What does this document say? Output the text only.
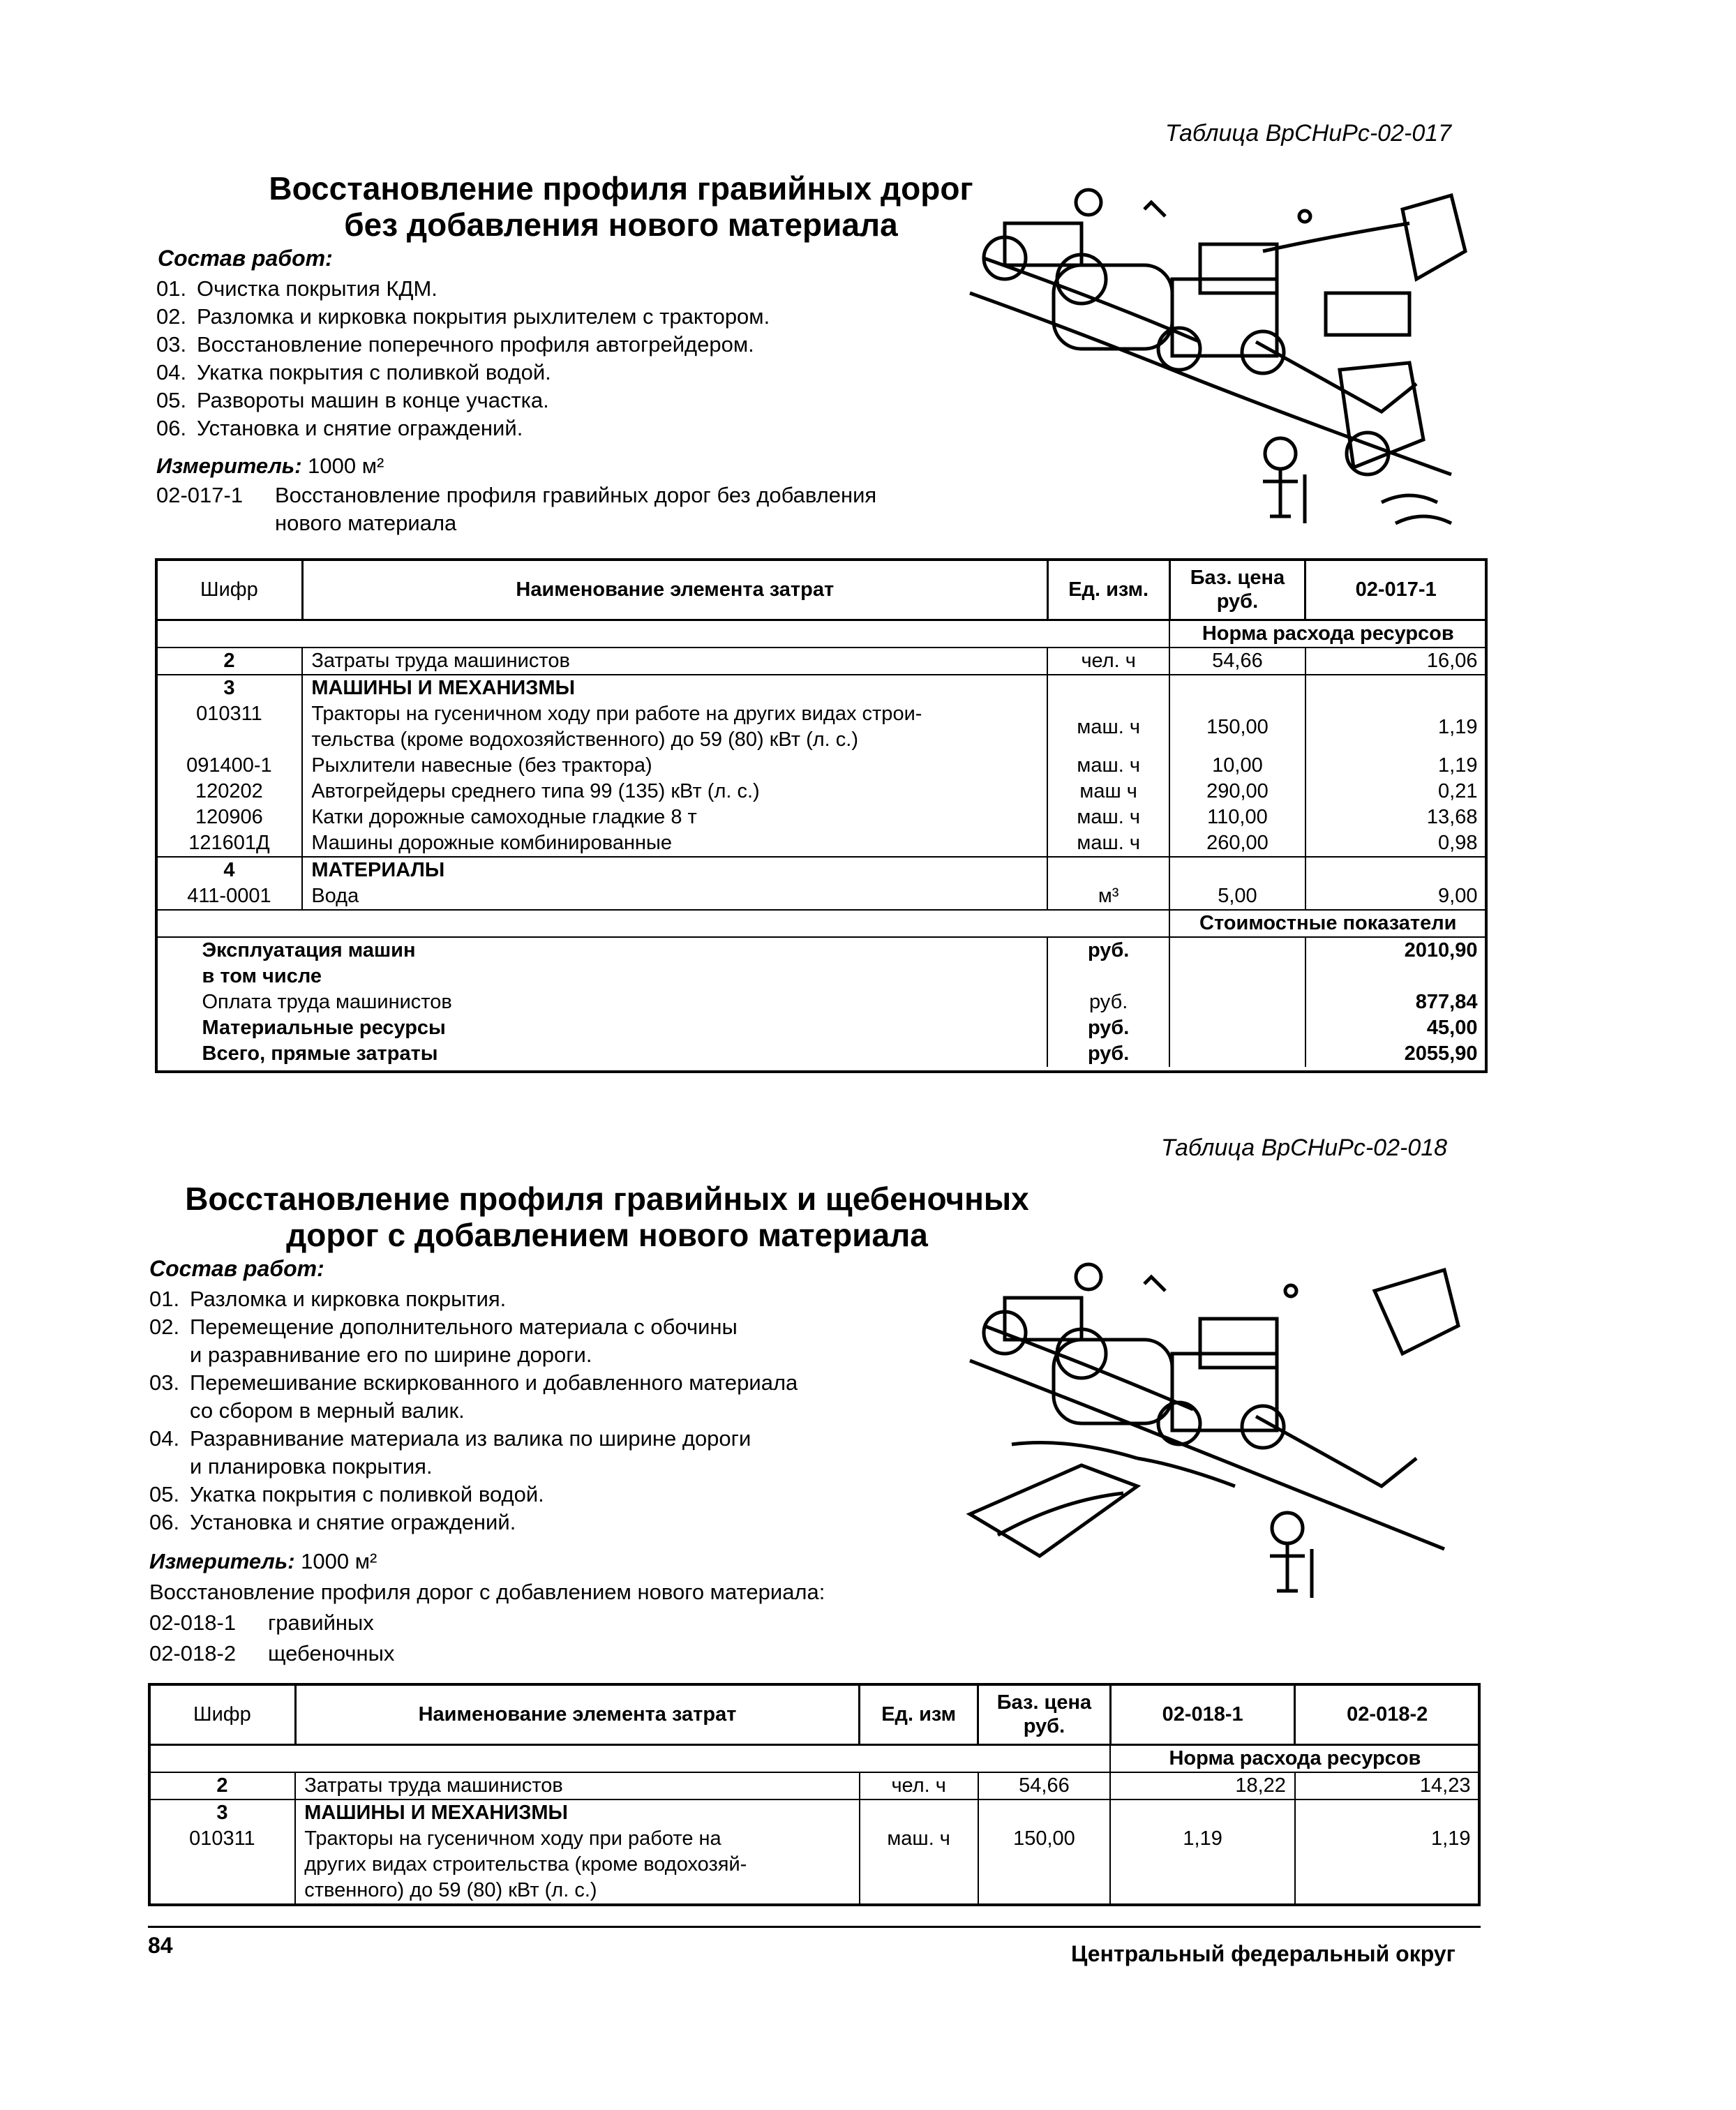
Таблица ВрСНиРс-02-017
Восстановление профиля гравийных дорог
без добавления нового материала
Состав работ:
01. Очистка покрытия КДМ.
02. Разломка и кирковка покрытия рыхлителем с трактором.
03. Восстановление поперечного профиля автогрейдером.
04. Укатка покрытия с поливкой водой.
05. Развороты машин в конце участка.
06. Установка и снятие ограждений.
Измеритель: 1000 м²
02-017-1 Восстановление профиля гравийных дорог без добавления
нового материала
Шифр	Наименование элемента затрат	Ед. изм.	Баз. цена руб.	02-017-1
			Норма расхода ресурсов	
2	Затраты труда машинистов	чел. ч	54,66	16,06
3	МАШИНЫ И МЕХАНИЗМЫ			
010311	Тракторы на гусеничном ходу при работе на других видах строи-
тельства (кроме водохозяйственного) до 59 (80) кВт (л. с.)	маш. ч	150,00	1,19
091400-1	Рыхлители навесные (без трактора)	маш. ч	10,00	1,19
120202	Автогрейдеры среднего типа 99 (135) кВт (л. с.)	маш ч	290,00	0,21
120906	Катки дорожные самоходные гладкие 8 т	маш. ч	110,00	13,68
121601Д	Машины дорожные комбинированные	маш. ч	260,00	0,98
4	МАТЕРИАЛЫ			
411-0001	Вода	м³	5,00	9,00
			Стоимостные показатели	
Эксплуатация машин		руб.		2010,90
в том числе				
Оплата труда машинистов		руб.		877,84
Материальные ресурсы		руб.		45,00
Всего, прямые затраты		руб.		2055,90
Таблица ВрСНиРс-02-018
Восстановление профиля гравийных и щебеночных
дорог с добавлением нового материала
Состав работ:
01. Разломка и кирковка покрытия.
02. Перемещение дополнительного материала с обочины
и разравнивание его по ширине дороги.
03. Перемешивание вскиркованного и добавленного материала
со сбором в мерный валик.
04. Разравнивание материала из валика по ширине дороги
и планировка покрытия.
05. Укатка покрытия с поливкой водой.
06. Установка и снятие ограждений.
Измеритель: 1000 м²
Восстановление профиля дорог с добавлением нового материала:
02-018-1 гравийных
02-018-2 щебеночных
Шифр	Наименование элемента затрат	Ед. изм	Баз. цена руб.	02-018-1	02-018-2
				Норма расхода ресурсов	
2	Затраты труда машинистов	чел. ч	54,66	18,22	14,23
3	МАШИНЫ И МЕХАНИЗМЫ				
010311	Тракторы на гусеничном ходу при работе на
других видах строительства (кроме водохозяй-
ственного) до 59 (80) кВт (л. с.)	маш. ч	150,00	1,19	1,19
84	Центральный федеральный округ
